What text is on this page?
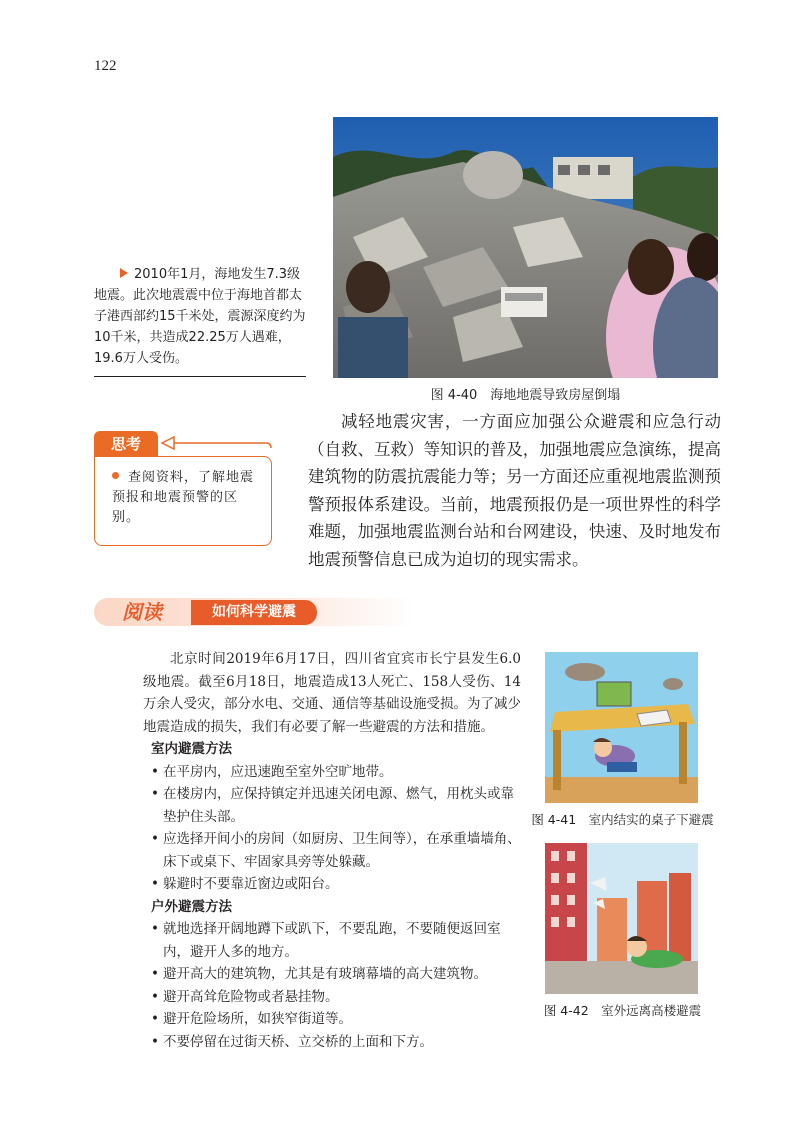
122
图 4-40　海地地震导致房屋倒塌
2010年1月，海地发生7.3级地震。此次地震震中位于海地首都太子港西部约15千米处，震源深度约为10千米，共造成22.25万人遇难，19.6万人受伤。
减轻地震灾害，一方面应加强公众避震和应急行动（自救、互救）等知识的普及，加强地震应急演练，提高建筑物的防震抗震能力等；另一方面还应重视地震监测预警预报体系建设。当前，地震预报仍是一项世界性的科学难题，加强地震监测台站和台网建设，快速、及时地发布地震预警信息已成为迫切的现实需求。
思考
查阅资料，了解地震预报和地震预警的区别。
阅读	如何科学避震

北京时间2019年6月17日，四川省宜宾市长宁县发生6.0级地震。截至6月18日，地震造成13人死亡、158人受伤、14万余人受灾，部分水电、交通、通信等基础设施受损。为了减少地震造成的损失，我们有必要了解一些避震的方法和措施。

室内避震方法

• 在平房内，应迅速跑至室外空旷地带。
• 在楼房内，应保持镇定并迅速关闭电源、燃气，用枕头或靠垫护住头部。
• 应选择开间小的房间（如厨房、卫生间等），在承重墙墙角、床下或桌下、牢固家具旁等处躲藏。
• 躲避时不要靠近窗边或阳台。

户外避震方法

• 就地选择开阔地蹲下或趴下，不要乱跑，不要随便返回室内，避开人多的地方。
• 避开高大的建筑物，尤其是有玻璃幕墙的高大建筑物。
• 避开高耸危险物或者悬挂物。
• 避开危险场所，如狭窄街道等。
• 不要停留在过街天桥、立交桥的上面和下方。
图 4-41　室内结实的桌子下避震
图 4-42　室外远离高楼避震
